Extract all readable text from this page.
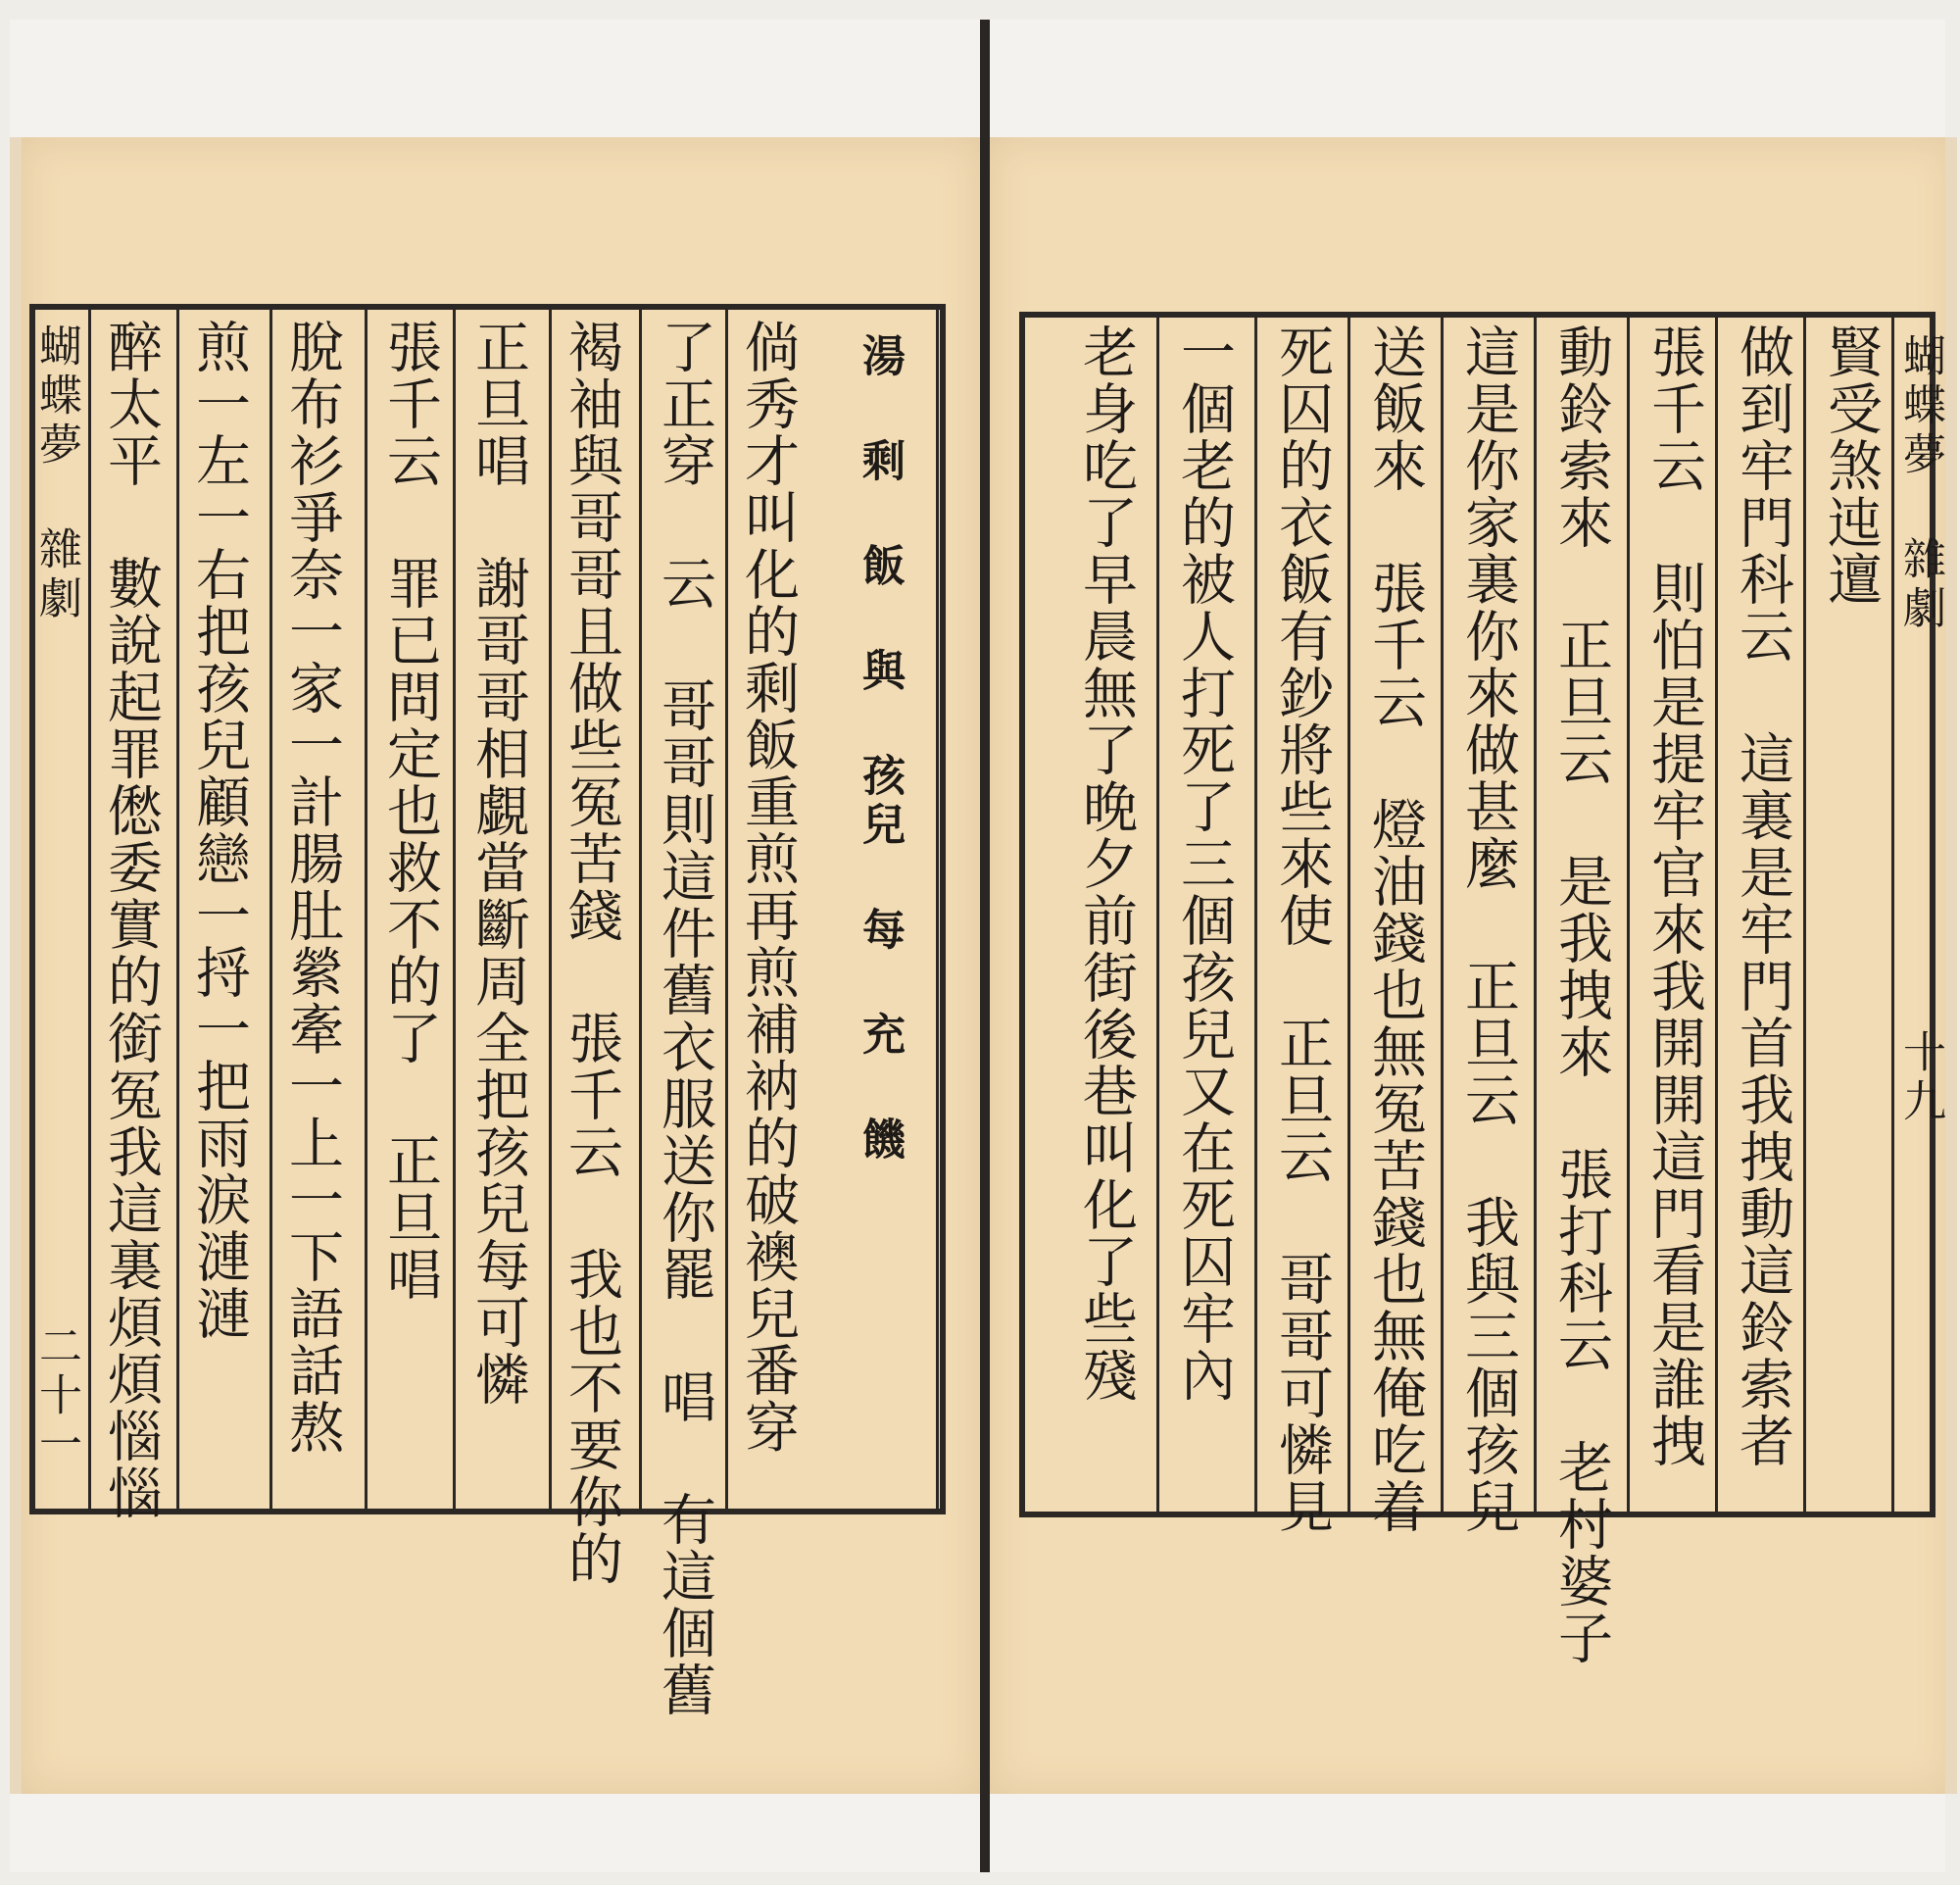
湯 剩 飯 與 孩兒 每 充 饑
倘秀才叫化的剩飯重煎再煎補衲的破襖兒番穿
了正穿 云 哥哥則這件舊衣服送你罷 唱 有這個舊
褐袖與哥哥且做些冤苦錢 張千云 我也不要你的
正旦唱 謝哥哥相覷當斷周全把孩兒每可憐
張千云 罪已問定也救不的了 正旦唱
脫布衫爭奈一家一計腸肚縈牽一上一下語話熬
煎一左一右把孩兒顧戀一捋一把雨淚漣漣
醉太平 數說起罪僽委實的銜冤我這裏煩煩惱惱
蝴蝶夢 雜劇
二十一
賢受煞迍邅
做到牢門科云 這裏是牢門首我拽動這鈴索者
張千云 則怕是提牢官來我開開這門看是誰拽
動鈴索來 正旦云 是我拽來 張打科云 老村婆子
這是你家裏你來做甚麼 正旦云 我與三個孩兒
送飯來 張千云 燈油錢也無冤苦錢也無俺吃着
死囚的衣飯有鈔將些來使 正旦云 哥哥可憐見
一個老的被人打死了三個孩兒又在死囚牢內
老身吃了早晨無了晚夕前街後巷叫化了些殘	蝴蝶夢 雜劇
十九
